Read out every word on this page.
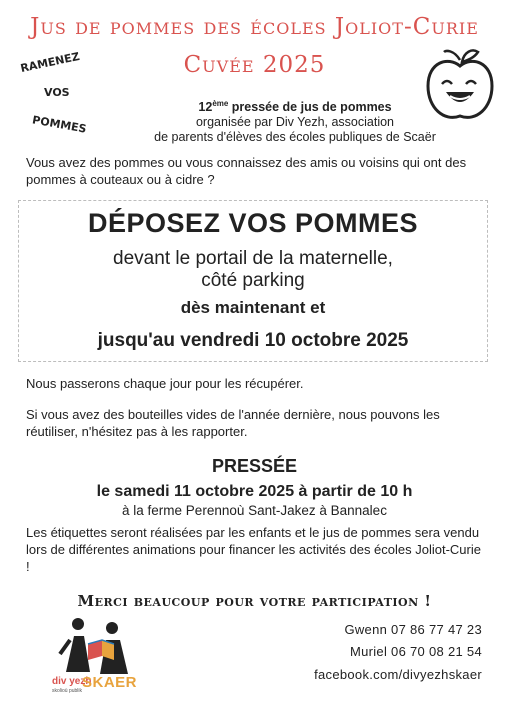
Jus de pommes des écoles Joliot-Curie
Cuvée 2025
RAMENEZ
VOS
POMMES
12ème pressée de jus de pommes
organisée par Div Yezh, association
de parents d'élèves des écoles publiques de Scaër
Vous avez des pommes ou vous connaissez des amis ou voisins qui ont des pommes à couteaux ou à cidre ?
DÉPOSEZ VOS POMMES
devant le portail de la maternelle,
côté parking
dès maintenant et
jusqu'au vendredi 10 octobre 2025
Nous passerons chaque jour pour les récupérer.
Si vous avez des bouteilles vides de l'année dernière, nous pouvons les réutiliser, n'hésitez pas à les rapporter.
PRESSÉE
le samedi 11 octobre 2025 à partir de 10 h
à la ferme Perennoù Sant-Jakez à Bannalec
Les étiquettes seront réalisées par les enfants et le jus de pommes sera vendu lors de différentes animations pour financer les activités des écoles Joliot-Curie !
Merci beaucoup pour votre participation !
div yezh
SKAER
skolioù publik
Gwenn 07 86 77 47 23
Muriel 06 70 08 21 54
facebook.com/divyezhskaer
